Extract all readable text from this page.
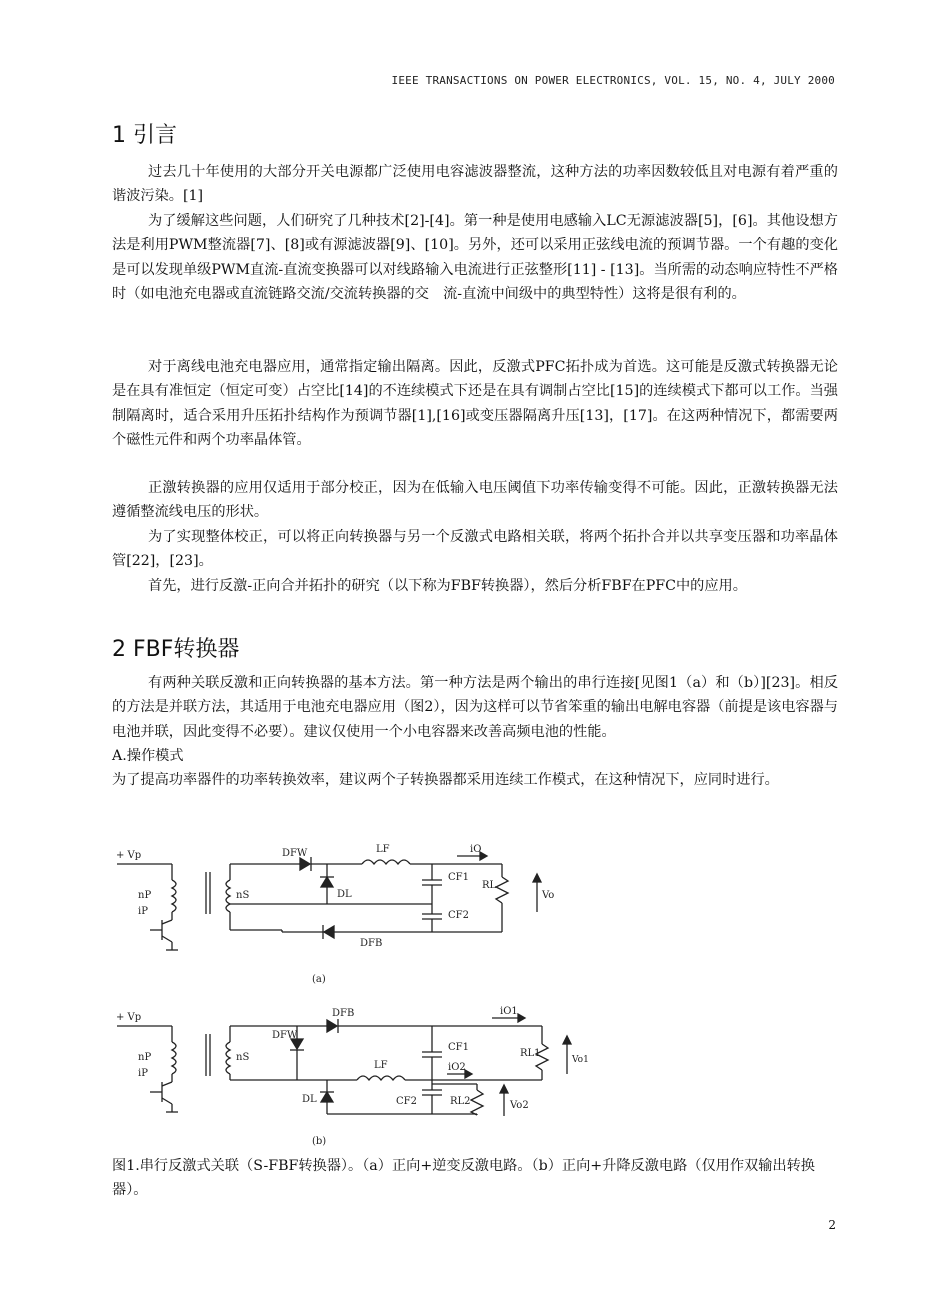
IEEE TRANSACTIONS ON POWER ELECTRONICS, VOL. 15, NO. 4, JULY 2000
1 引言
过去几十年使用的大部分开关电源都广泛使用电容滤波器整流，这种方法的功率因数较低且对电源有着严重的谐波污染。[1]
为了缓解这些问题，人们研究了几种技术[2]-[4]。第一种是使用电感输入LC无源滤波器[5]，[6]。其他设想方法是利用PWM整流器[7]、[8]或有源滤波器[9]、[10]。另外，还可以采用正弦线电流的预调节器。一个有趣的变化是可以发现单级PWM直流-直流变换器可以对线路输入电流进行正弦整形[11] - [13]。当所需的动态响应特性不严格时（如电池充电器或直流链路交流/交流转换器的交　流-直流中间级中的典型特性）这将是很有利的。
对于离线电池充电器应用，通常指定输出隔离。因此，反激式PFC拓扑成为首选。这可能是反激式转换器无论是在具有准恒定（恒定可变）占空比[14]的不连续模式下还是在具有调制占空比[15]的连续模式下都可以工作。当强制隔离时，适合采用升压拓扑结构作为预调节器[1],[16]或变压器隔离升压[13]，[17]。在这两种情况下，都需要两个磁性元件和两个功率晶体管。
正激转换器的应用仅适用于部分校正，因为在低输入电压阈值下功率传输变得不可能。因此，正激转换器无法遵循整流线电压的形状。
为了实现整体校正，可以将正向转换器与另一个反激式电路相关联，将两个拓扑合并以共享变压器和功率晶体管[22]，[23]。
首先，进行反激-正向合并拓扑的研究（以下称为FBF转换器），然后分析FBF在PFC中的应用。
2 FBF转换器
有两种关联反激和正向转换器的基本方法。第一种方法是两个输出的串行连接[见图1（a）和（b）][23]。相反的方法是并联方法，其适用于电池充电器应用（图2），因为这样可以节省笨重的输出电解电容器（前提是该电容器与电池并联，因此变得不必要）。建议仅使用一个小电容器来改善高频电池的性能。
A.操作模式
为了提高功率器件的功率转换效率，建议两个子转换器都采用连续工作模式，在这种情况下，应同时进行。
+ Vp
nP
iP
nS
DFW	LF	iO
CF1
CF2
RL
Vo
DL
DFB
(a)
+ Vp
nP
iP
nS
DFB
DFW
iO1
CF1
RL1
Vo1
LF	iO2
DL	CF2	RL2	Vo2
(b)
图1.串行反激式关联（S-FBF转换器）。（a）正向+逆变反激电路。（b）正向+升降反激电路（仅用作双输出转换器）。
2
